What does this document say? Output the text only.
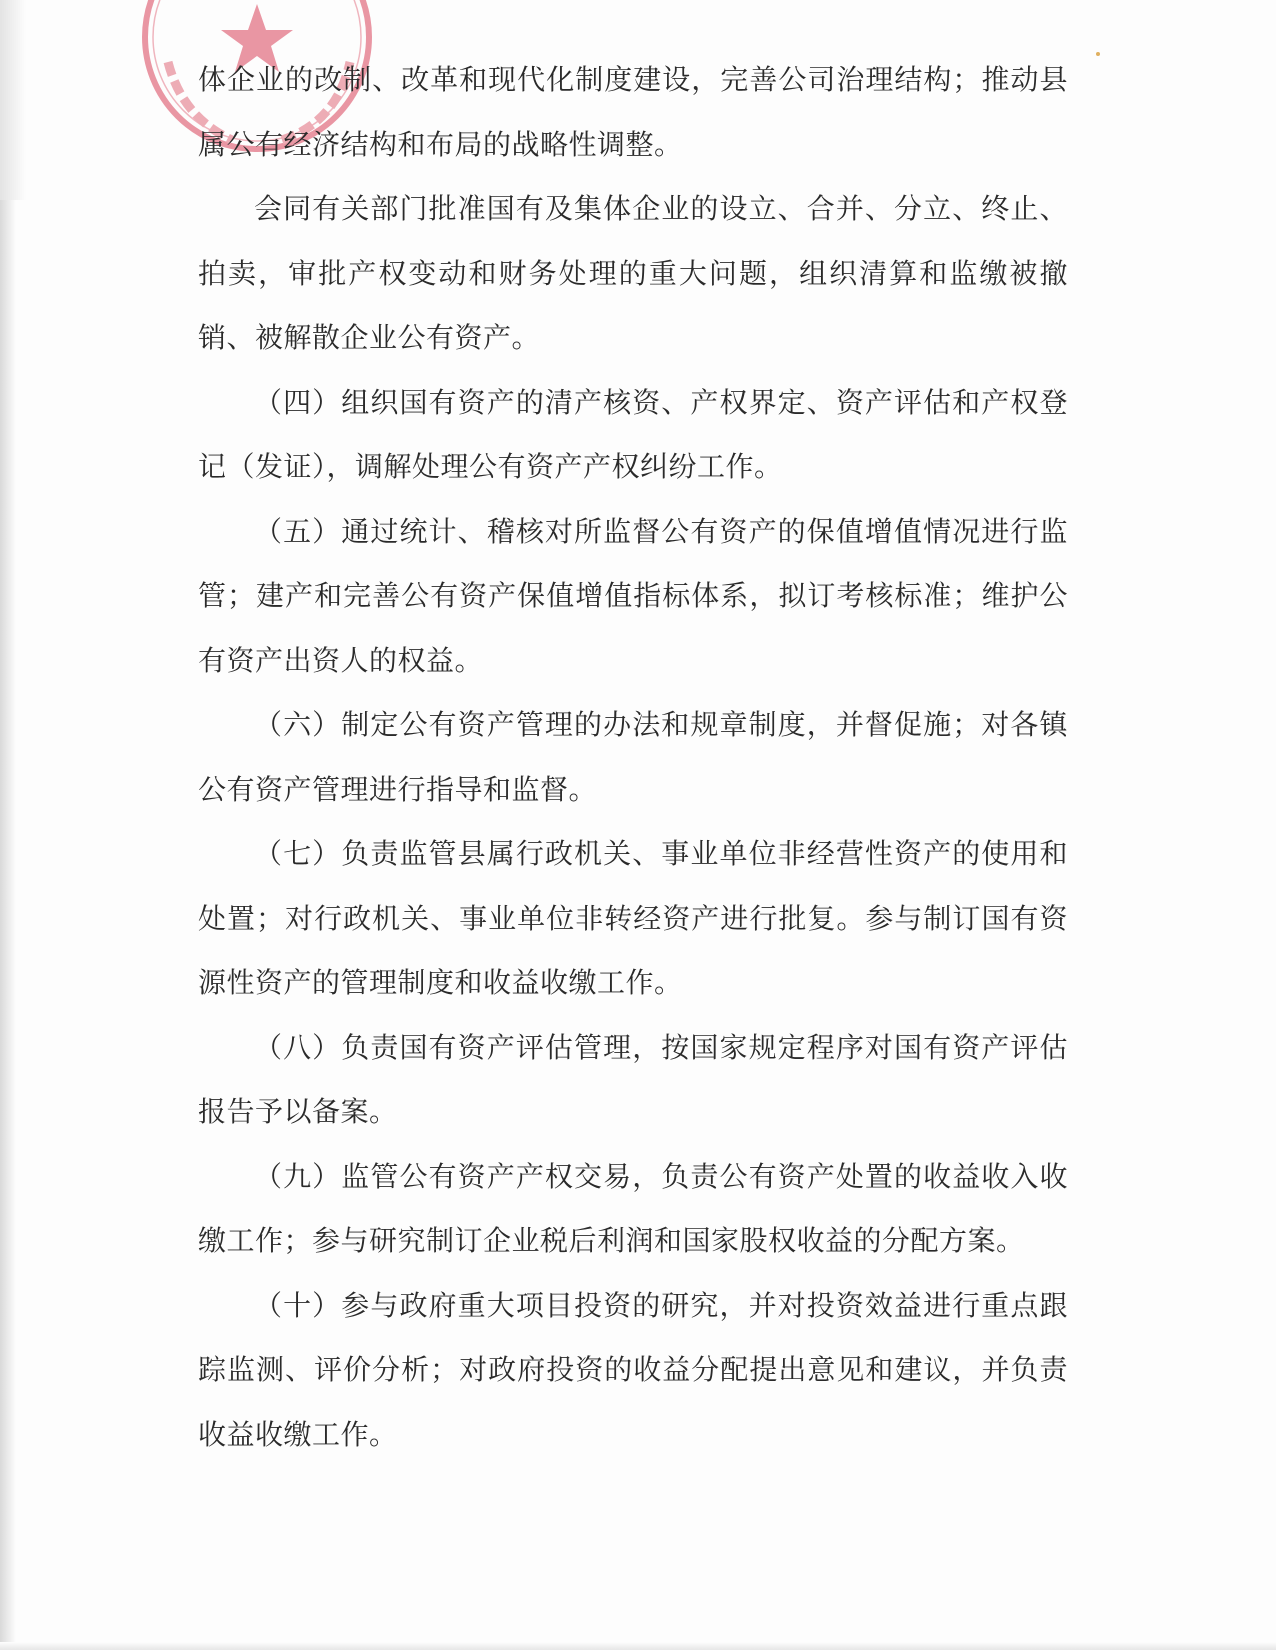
体企业的改制、改革和现代化制度建设，完善公司治理结构；推动县属公有经济结构和布局的战略性调整。

会同有关部门批准国有及集体企业的设立、合并、分立、终止、拍卖，审批产权变动和财务处理的重大问题，组织清算和监缴被撤销、被解散企业公有资产。

（四）组织国有资产的清产核资、产权界定、资产评估和产权登记（发证），调解处理公有资产产权纠纷工作。

（五）通过统计、稽核对所监督公有资产的保值增值情况进行监管；建产和完善公有资产保值增值指标体系，拟订考核标准；维护公有资产出资人的权益。

（六）制定公有资产管理的办法和规章制度，并督促施；对各镇公有资产管理进行指导和监督。

（七）负责监管县属行政机关、事业单位非经营性资产的使用和处置；对行政机关、事业单位非转经资产进行批复。参与制订国有资源性资产的管理制度和收益收缴工作。

（八）负责国有资产评估管理，按国家规定程序对国有资产评估报告予以备案。

（九）监管公有资产产权交易，负责公有资产处置的收益收入收缴工作；参与研究制订企业税后利润和国家股权收益的分配方案。

（十）参与政府重大项目投资的研究，并对投资效益进行重点跟踪监测、评价分析；对政府投资的收益分配提出意见和建议，并负责收益收缴工作。
